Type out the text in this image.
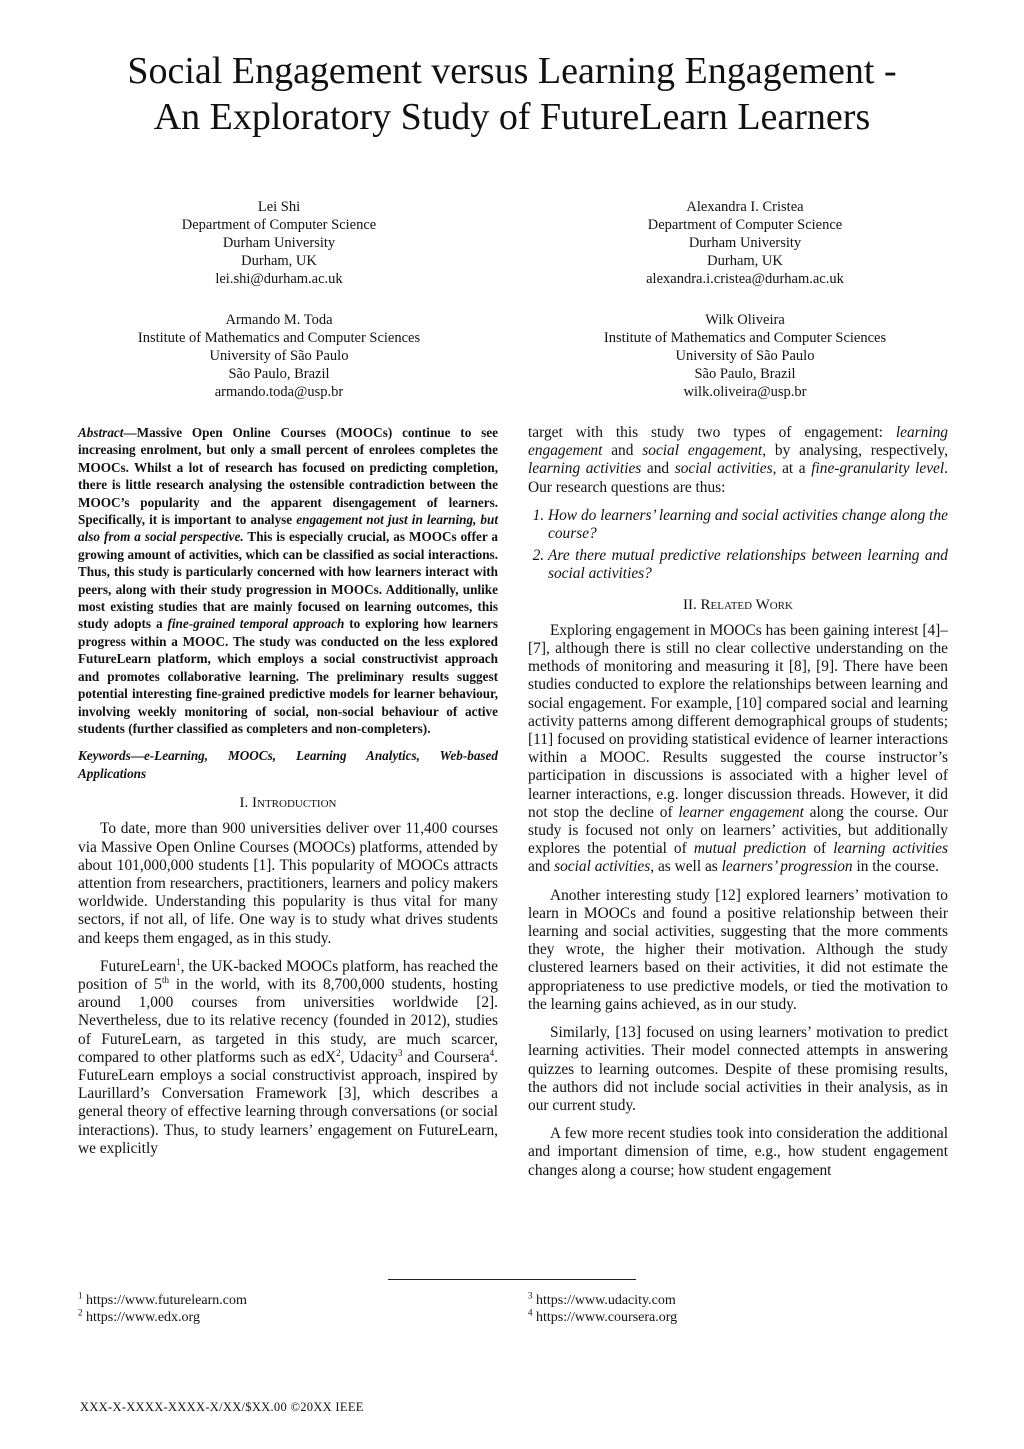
Social Engagement versus Learning Engagement -
An Exploratory Study of FutureLearn Learners
Lei Shi
Department of Computer Science
Durham University
Durham, UK
lei.shi@durham.ac.uk
Alexandra I. Cristea
Department of Computer Science
Durham University
Durham, UK
alexandra.i.cristea@durham.ac.uk
Armando M. Toda
Institute of Mathematics and Computer Sciences
University of São Paulo
São Paulo, Brazil
armando.toda@usp.br
Wilk Oliveira
Institute of Mathematics and Computer Sciences
University of São Paulo
São Paulo, Brazil
wilk.oliveira@usp.br

Abstract—Massive Open Online Courses (MOOCs) continue to see increasing enrolment, but only a small percent of enrolees completes the MOOCs. Whilst a lot of research has focused on predicting completion, there is little research analysing the ostensible contradiction between the MOOC’s popularity and the apparent disengagement of learners. Specifically, it is important to analyse engagement not just in learning, but also from a social perspective. This is especially crucial, as MOOCs offer a growing amount of activities, which can be classified as social interactions. Thus, this study is particularly concerned with how learners interact with peers, along with their study progression in MOOCs. Additionally, unlike most existing studies that are mainly focused on learning outcomes, this study adopts a fine-grained temporal approach to exploring how learners progress within a MOOC. The study was conducted on the less explored FutureLearn platform, which employs a social constructivist approach and promotes collaborative learning. The preliminary results suggest potential interesting fine-grained predictive models for learner behaviour, involving weekly monitoring of social, non-social behaviour of active students (further classified as completers and non-completers).

Keywords—e-Learning, MOOCs, Learning Analytics, Web-based Applications

I. Introduction

To date, more than 900 universities deliver over 11,400 courses via Massive Open Online Courses (MOOCs) platforms, attended by about 101,000,000 students [1]. This popularity of MOOCs attracts attention from researchers, practitioners, learners and policy makers worldwide. Understanding this popularity is thus vital for many sectors, if not all, of life. One way is to study what drives students and keeps them engaged, as in this study.

FutureLearn$^1$, the UK-backed MOOCs platform, has reached the position of 5th in the world, with its 8,700,000 students, hosting around 1,000 courses from universities worldwide [2]. Nevertheless, due to its relative recency (founded in 2012), studies of FutureLearn, as targeted in this study, are much scarcer, compared to other platforms such as edX$^2$, Udacity$^3$ and Coursera$^4$. FutureLearn employs a social constructivist approach, inspired by Laurillard’s Conversation Framework [3], which describes a general theory of effective learning through conversations (or social interactions). Thus, to study learners’ engagement on FutureLearn, we explicitly

target with this study two types of engagement: learning engagement and social engagement, by analysing, respectively, learning activities and social activities, at a fine-granularity level. Our research questions are thus:

1. How do learners’ learning and social activities change along the course?
2. Are there mutual predictive relationships between learning and social activities?
II. Related Work

Exploring engagement in MOOCs has been gaining interest [4]–[7], although there is still no clear collective understanding on the methods of monitoring and measuring it [8], [9]. There have been studies conducted to explore the relationships between learning and social engagement. For example, [10] compared social and learning activity patterns among different demographical groups of students; [11] focused on providing statistical evidence of learner interactions within a MOOC. Results suggested the course instructor’s participation in discussions is associated with a higher level of learner interactions, e.g. longer discussion threads. However, it did not stop the decline of learner engagement along the course. Our study is focused not only on learners’ activities, but additionally explores the potential of mutual prediction of learning activities and social activities, as well as learners’ progression in the course.

Another interesting study [12] explored learners’ motivation to learn in MOOCs and found a positive relationship between their learning and social activities, suggesting that the more comments they wrote, the higher their motivation. Although the study clustered learners based on their activities, it did not estimate the appropriateness to use predictive models, or tied the motivation to the learning gains achieved, as in our study.

Similarly, [13] focused on using learners’ motivation to predict learning activities. Their model connected attempts in answering quizzes to learning outcomes. Despite of these promising results, the authors did not include social activities in their analysis, as in our current study.

A few more recent studies took into consideration the additional and important dimension of time, e.g., how student engagement changes along a course; how student engagement

$^1$ https://www.futurelearn.com
$^2$ https://www.edx.org
$^3$ https://www.udacity.com
$^4$ https://www.coursera.org
XXX-X-XXXX-XXXX-X/XX/$XX.00 ©20XX IEEE
